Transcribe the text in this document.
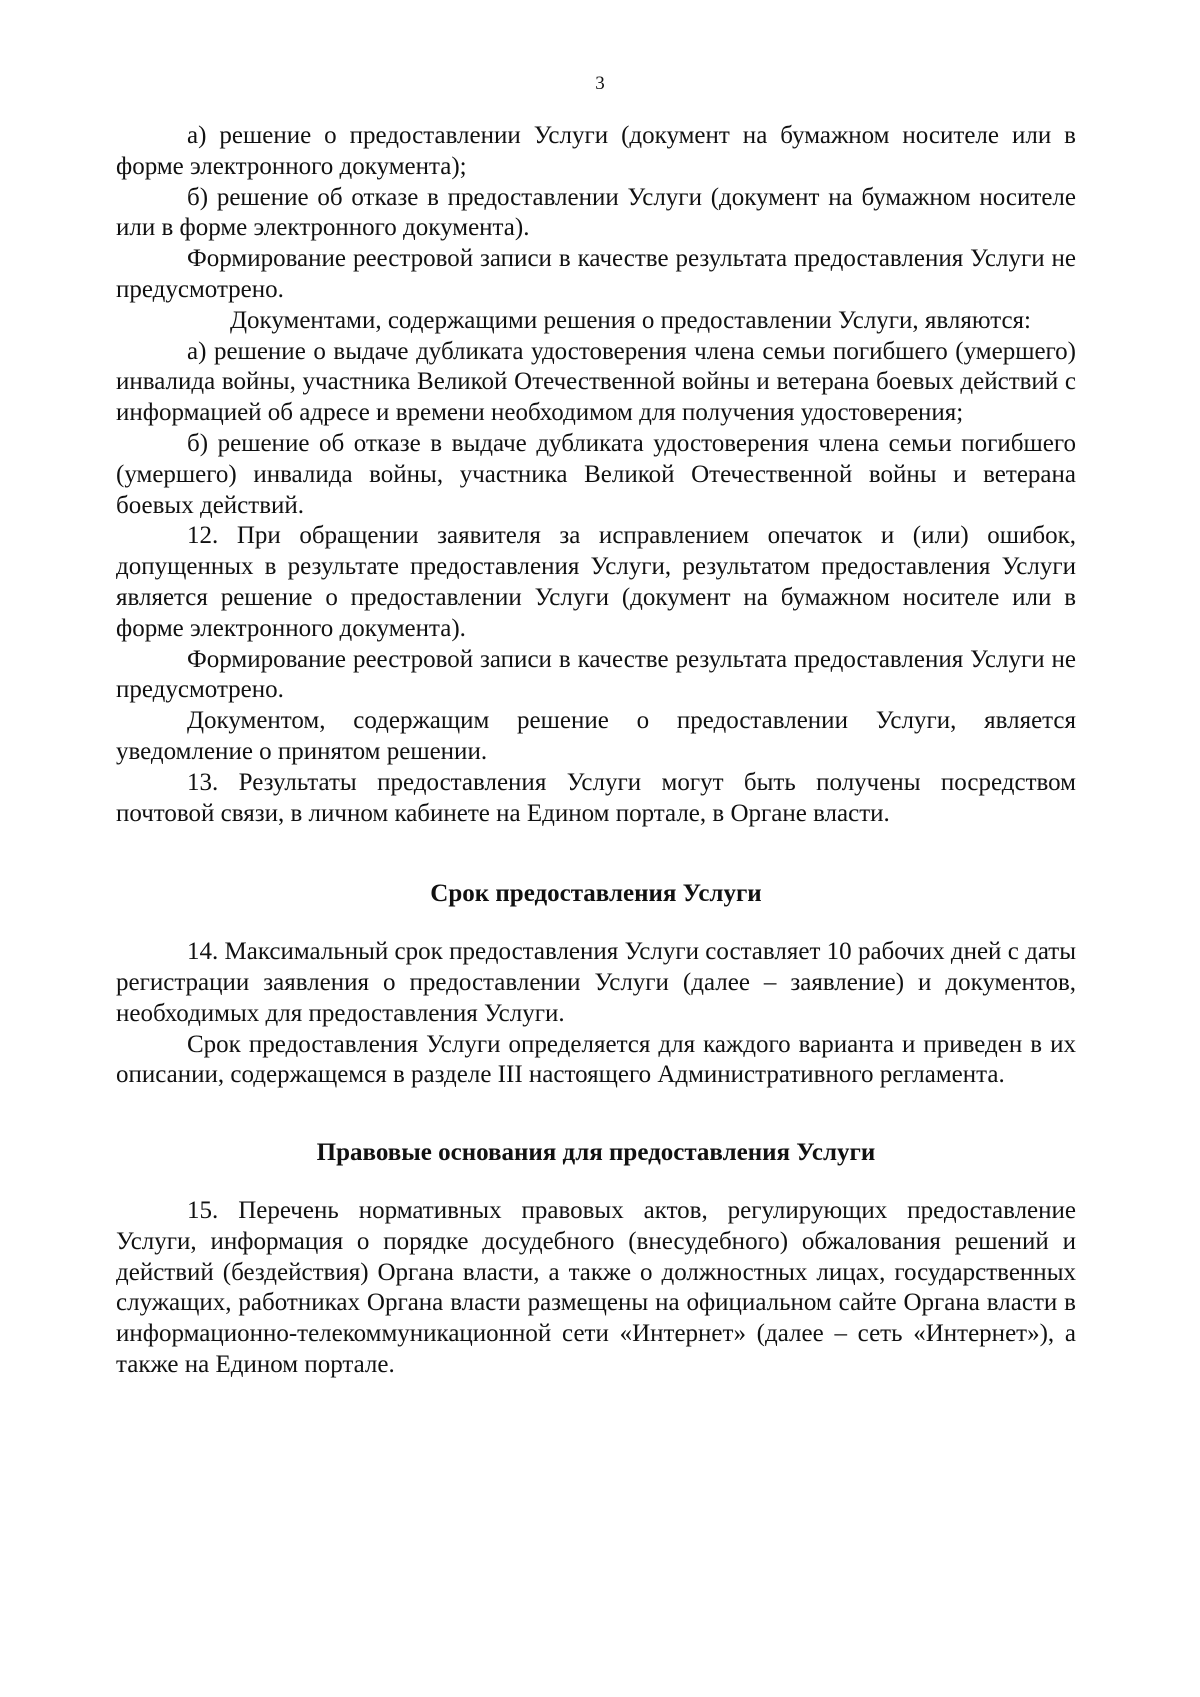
3

а) решение о предоставлении Услуги (документ на бумажном носителе или в форме электронного документа);

б) решение об отказе в предоставлении Услуги (документ на бумажном носителе или в форме электронного документа).

Формирование реестровой записи в качестве результата предоставления Услуги не предусмотрено.

Документами, содержащими решения о предоставлении Услуги, являются:

а) решение о выдаче дубликата удостоверения члена семьи погибшего (умершего) инвалида войны, участника Великой Отечественной войны и ветерана боевых действий с информацией об адресе и времени необходимом для получения удостоверения;

б) решение об отказе в выдаче дубликата удостоверения члена семьи погибшего (умершего) инвалида войны, участника Великой Отечественной войны и ветерана боевых действий.

12. При обращении заявителя за исправлением опечаток и (или) ошибок, допущенных в результате предоставления Услуги, результатом предоставления Услуги является решение о предоставлении Услуги (документ на бумажном носителе или в форме электронного документа).

Формирование реестровой записи в качестве результата предоставления Услуги не предусмотрено.

Документом, содержащим решение о предоставлении Услуги, является уведомление о принятом решении.

13. Результаты предоставления Услуги могут быть получены посредством почтовой связи, в личном кабинете на Едином портале, в Органе власти.

Срок предоставления Услуги

14. Максимальный срок предоставления Услуги составляет 10 рабочих дней с даты регистрации заявления о предоставлении Услуги (далее – заявление) и документов, необходимых для предоставления Услуги.

Срок предоставления Услуги определяется для каждого варианта и приведен в их описании, содержащемся в разделе III настоящего Административного регламента.

Правовые основания для предоставления Услуги

15. Перечень нормативных правовых актов, регулирующих предоставление Услуги, информация о порядке досудебного (внесудебного) обжалования решений и действий (бездействия) Органа власти, а также о должностных лицах, государственных служащих, работниках Органа власти размещены на официальном сайте Органа власти в информационно-телекоммуникационной сети «Интернет» (далее – сеть «Интернет»), а также на Едином портале.
